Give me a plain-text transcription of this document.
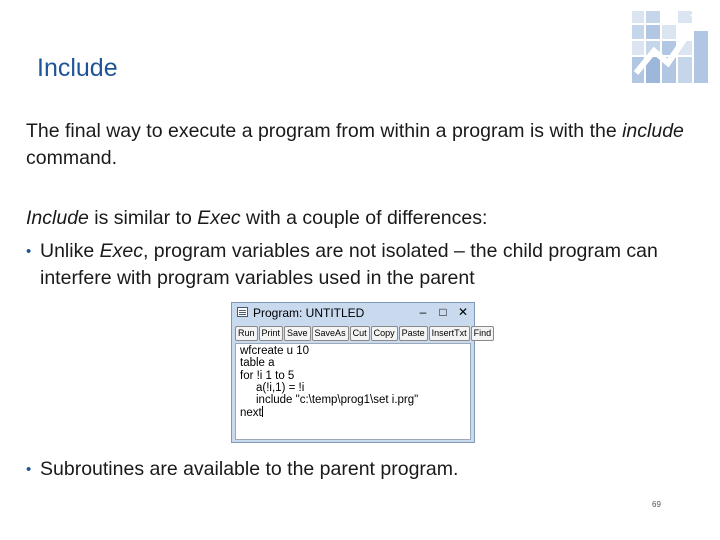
Include

The final way to execute a program from within a program is with the include command.

Include is similar to Exec with a couple of differences:

• Unlike Exec, program variables are not isolated – the child program can interfere with program variables used in the parent
Program: UNTITLED	–	□ ✕
Run Print Save SaveAs Cut Copy Paste InsertTxt Find
wfcreate u 10
table a
for !i 1 to 5
a(!i,1) = !i
include "c:\temp\prog1\set i.prg"
next
• Subroutines are available to the parent program.
69
